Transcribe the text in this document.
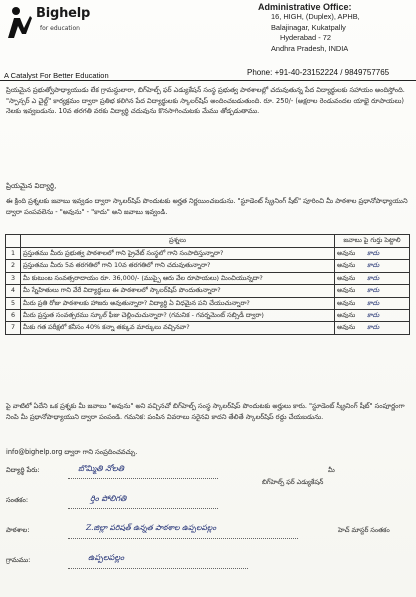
Bighelp
for education
A Catalyst For Better Education
Administrative Office:
16, HIGH, (Duplex), APHB,
Balajinagar, Kukatpally
Hyderabad - 72
Andhra Pradesh, INDIA
Phone: +91-40-23152224 / 9849757765
ప్రియమైన ప్రభుత్వోపాధ్యాయుడు లేక గ్రామస్థులారా, బిగ్‌హెల్ప్ ఫర్ ఎడ్యుకేషన్ సంస్థ ప్రభుత్వ పాఠశాలల్లో చదువుతున్న పేద విద్యార్థులకు సహాయం అందిస్తోంది. "స్పాన్సర్ ఎ చైల్డ్" కార్యక్రమం ద్వారా ప్రతిభ కలిగిన పేద విద్యార్థులకు స్కాలర్‌షిప్ అందించబడుతుంది. రూ. 250/- (అక్షరాల రెండువందల యాభై రూపాయలు) నెలకు ఇవ్వబడును. 10వ తరగతి వరకు విద్యార్థి చదువును కొనసాగించుటకు మేము తోడ్పడుతాము.
ప్రియమైన విద్యార్థి,
ఈ క్రింది ప్రశ్నలకు జవాబు ఇవ్వడం ద్వారా స్కాలర్‌షిప్ పొందుటకు అర్హత నిర్ణయించబడును. "స్టూడెంట్ స్క్రీనింగ్ షీట్" పూరించి మీ పాఠశాల ప్రధానోపాధ్యాయుని ద్వారా పంపవలెను - "అవును" - "కాదు" అని జవాబు ఇవ్వండి.
	ప్రశ్నలు	జవాబు పై గుర్తు పెట్టాలి
1	ప్రస్తుతము మీరు ప్రభుత్వ పాఠశాలలో గాని ప్రైవేట్ సంస్థలో గాని సంపాదిస్తున్నారా?	అవును కాదు
2	ప్రస్తుతము మీరు 5వ తరగతిలో గాని 10వ తరగతిలో గాని చదువుతున్నారా?	అవును కాదు
3	మీ కుటుంబ సంవత్సరాదాయం రూ. 36,000/- (ముప్పై ఆరు వేల రూపాయలు) మించియున్నదా?	అవును కాదు
4	మీ స్నేహితులు గాని వేరే విద్యార్థులు ఈ పాఠశాలలో స్కాలర్‌షిప్ పొందుతున్నారా?	అవును కాదు
5	మీరు ప్రతి రోజు పాఠశాలకు హాజరు అవుతున్నారా? విద్యార్థి ఏ విధమైన పని చేయుచున్నారా?	అవును కాదు
6	మీరు ప్రస్తుత సంవత్సరము స్కూల్ ఫీజు చెల్లించుచున్నారా? (గమనిక - గవర్నమెంట్ సబ్సిడీ ద్వారా)	అవును కాదు
7	మీకు గత పరీక్షలో కనీసం 40% కన్నా తక్కువ మార్కులు వచ్చినవా?	అవును కాదు
పై వాటిలో ఏదేని ఒక ప్రశ్నకు మీ జవాబు "అవును" అని వచ్చినచో బిగ్‌హెల్ప్ సంస్థ స్కాలర్‌షిప్ పొందుటకు అర్హులు కారు. "స్టూడెంట్ స్క్రీనింగ్ షీట్" సంపూర్ణంగా నింపి మీ ప్రధానోపాధ్యాయుని ద్వారా పంపండి. గమనిక: పంపిన వివరాలు సరైనవి కాదని తేలితే స్కాలర్‌షిప్ రద్దు చేయబడును.
info@bighelp.org ద్వారా గాని సంప్రదించవచ్చు.
విద్యార్థి పేరు:	బొమ్మితి నోలతి	మీ
బిగ్‌హెల్ప్ ఫర్ ఎడ్యుకేషన్
సంతకం:	ర్తిం పోలిగతి
పాఠశాల:	Z.జిల్లా పరిషత్ ఉన్నత పాఠశాల ఉప్పలపల్లం	హెచ్ మాస్టర్ సంతకం
గ్రామము:	ఉప్పలపల్లం
